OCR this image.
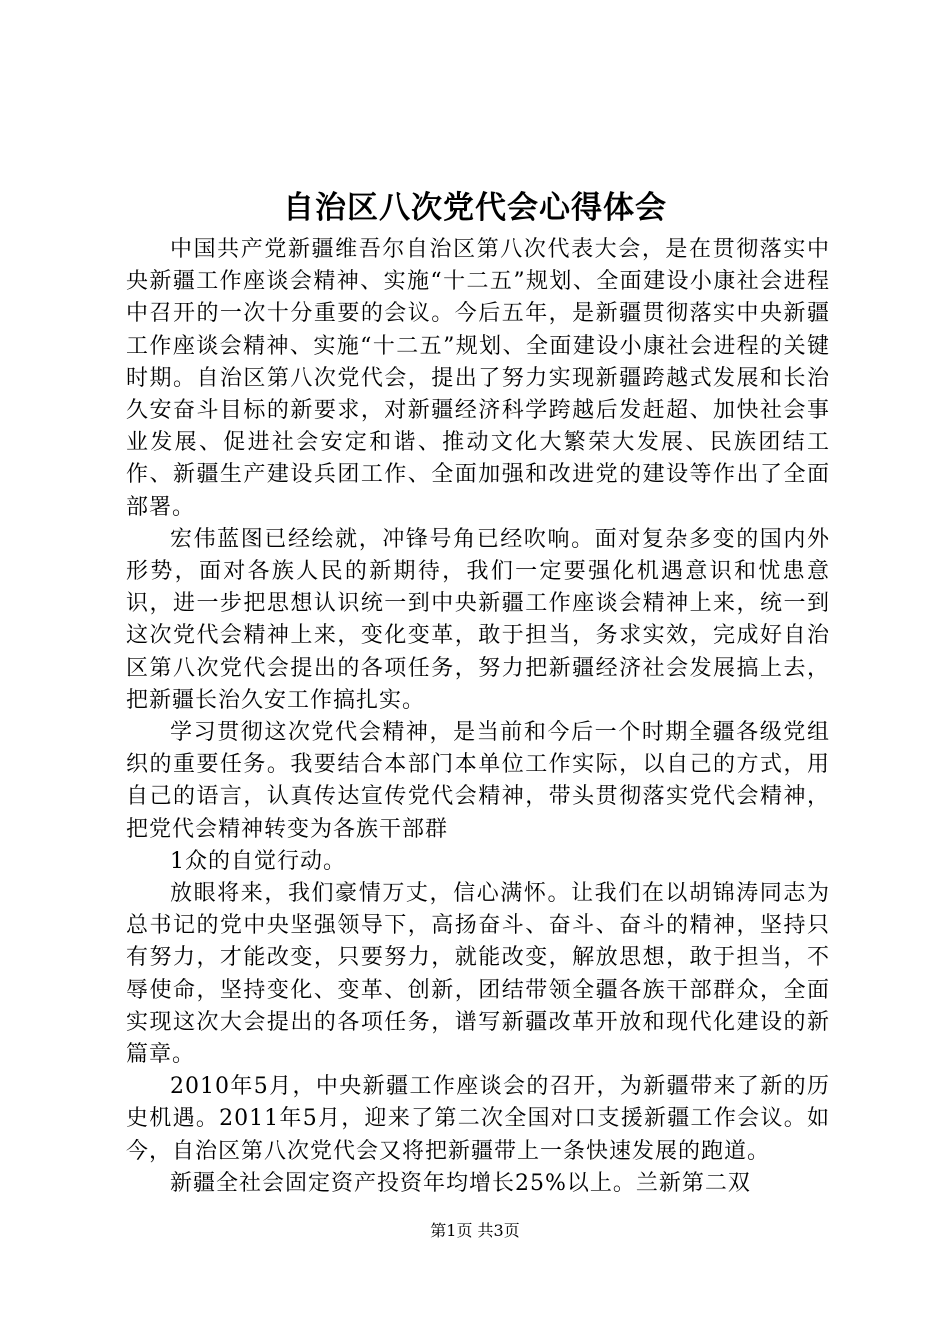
自治区八次党代会心得体会

中国共产党新疆维吾尔自治区第八次代表大会，是在贯彻落实中央新疆工作座谈会精神、实施“十二五”规划、全面建设小康社会进程中召开的一次十分重要的会议。今后五年，是新疆贯彻落实中央新疆工作座谈会精神、实施“十二五”规划、全面建设小康社会进程的关键时期。自治区第八次党代会，提出了努力实现新疆跨越式发展和长治久安奋斗目标的新要求，对新疆经济科学跨越后发赶超、加快社会事业发展、促进社会安定和谐、推动文化大繁荣大发展、民族团结工作、新疆生产建设兵团工作、全面加强和改进党的建设等作出了全面部署。

宏伟蓝图已经绘就，冲锋号角已经吹响。面对复杂多变的国内外形势，面对各族人民的新期待，我们一定要强化机遇意识和忧患意识，进一步把思想认识统一到中央新疆工作座谈会精神上来，统一到这次党代会精神上来，变化变革，敢于担当，务求实效，完成好自治区第八次党代会提出的各项任务，努力把新疆经济社会发展搞上去，把新疆长治久安工作搞扎实。

学习贯彻这次党代会精神，是当前和今后一个时期全疆各级党组织的重要任务。我要结合本部门本单位工作实际，以自己的方式，用自己的语言，认真传达宣传党代会精神，带头贯彻落实党代会精神，把党代会精神转变为各族干部群

1众的自觉行动。

放眼将来，我们豪情万丈，信心满怀。让我们在以胡锦涛同志为总书记的党中央坚强领导下，高扬奋斗、奋斗、奋斗的精神，坚持只有努力，才能改变，只要努力，就能改变，解放思想，敢于担当，不辱使命，坚持变化、变革、创新，团结带领全疆各族干部群众，全面实现这次大会提出的各项任务，谱写新疆改革开放和现代化建设的新篇章。

2010年5月，中央新疆工作座谈会的召开，为新疆带来了新的历史机遇。2011年5月，迎来了第二次全国对口支援新疆工作会议。如今，自治区第八次党代会又将把新疆带上一条快速发展的跑道。

新疆全社会固定资产投资年均增长25%以上。兰新第二双

第1页 共3页
